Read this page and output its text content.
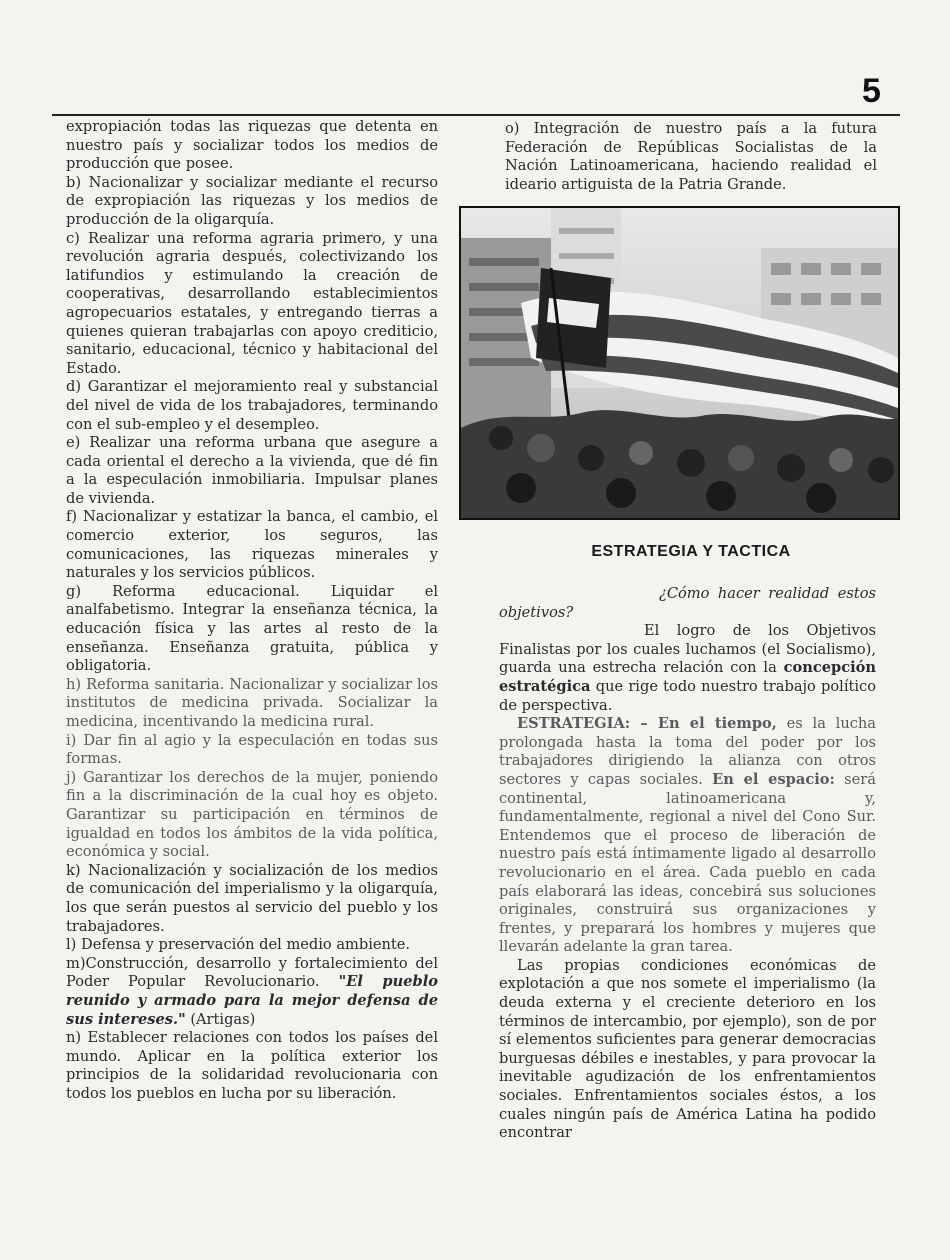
5

expropiación todas las riquezas que detenta en nuestro país y socializar todos los medios de producción que posee.

b) Nacionalizar y socializar mediante el recurso de expropiación las riquezas y los medios de producción de la oligarquía.

c) Realizar una reforma agraria primero, y una revolución agraria después, colectivizando los latifundios y estimulando la creación de cooperativas, desarrollando establecimientos agropecuarios estatales, y entregando tierras a quienes quieran trabajarlas con apoyo crediticio, sanitario, educacional, técnico y habitacional del Estado.

d) Garantizar el mejoramiento real y substancial del nivel de vida de los trabajadores, terminando con el sub-empleo y el desempleo.

e) Realizar una reforma urbana que asegure a cada oriental el derecho a la vivienda, que dé fin a la especulación inmobiliaria. Impulsar planes de vivienda.

f) Nacionalizar y estatizar la banca, el cambio, el comercio exterior, los seguros, las comunicaciones, las riquezas minerales y naturales y los servicios públicos.

g) Reforma educacional. Liquidar el analfabetismo. Integrar la enseñanza técnica, la educación física y las artes al resto de la enseñanza. Enseñanza gratuita, pública y obligatoria.

h) Reforma sanitaria. Nacionalizar y socializar los institutos de medicina privada. Socializar la medicina, incentivando la medicina rural.

i) Dar fin al agio y la especulación en todas sus formas.

j) Garantizar los derechos de la mujer, poniendo fin a la discriminación de la cual hoy es objeto. Garantizar su participación en términos de igualdad en todos los ámbitos de la vida política, económica y social.

k) Nacionalización y socialización de los medios de comunicación del imperialismo y la oligarquía, los que serán puestos al servicio del pueblo y los trabajadores.

l) Defensa y preservación del medio ambiente.

m)Construcción, desarrollo y fortalecimiento del Poder Popular Revolucionario. "El pueblo reunido y armado para la mejor defensa de sus intereses." (Artigas)

n) Establecer relaciones con todos los países del mundo. Aplicar en la política exterior los principios de la solidaridad revolucionaria con todos los pueblos en lucha por su liberación.

o) Integración de nuestro país a la futura Federación de Repúblicas Socialistas de la Nación Latinoamericana, haciendo realidad el ideario artiguista de la Patria Grande.

ESTRATEGIA Y TACTICA

¿Cómo hacer realidad estos objetivos?

El logro de los Objetivos Finalistas por los cuales luchamos (el Socialismo), guarda una estrecha relación con la concepción estratégica que rige todo nuestro trabajo político de perspectiva.

ESTRATEGIA: – En el tiempo, es la lucha prolongada hasta la toma del poder por los trabajadores dirigiendo la alianza con otros sectores y capas sociales. En el espacio: será continental, latinoamericana y, fundamentalmente, regional a nivel del Cono Sur. Entendemos que el proceso de liberación de nuestro país está íntimamente ligado al desarrollo revolucionario en el área. Cada pueblo en cada país elaborará las ideas, concebirá sus soluciones originales, construirá sus organizaciones y frentes, y preparará los hombres y mujeres que llevarán adelante la gran tarea.

Las propias condiciones económicas de explotación a que nos somete el imperialismo (la deuda externa y el creciente deterioro en los términos de intercambio, por ejemplo), son de por sí elementos suficientes para generar democracias burguesas débiles e inestables, y para provocar la inevitable agudización de los enfrentamientos sociales. Enfrentamientos sociales éstos, a los cuales ningún país de América Latina ha podido encontrar
